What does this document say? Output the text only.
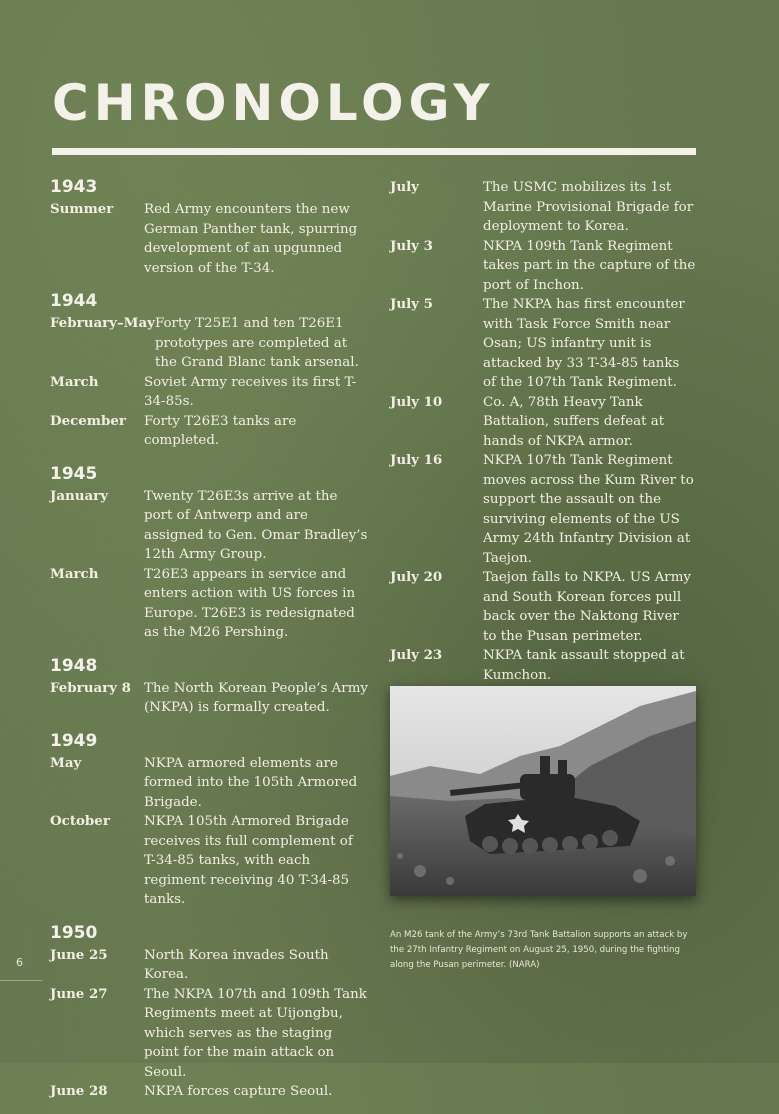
CHRONOLOGY
1943
Summer	Red Army encounters the new German Panther tank, spurring development of an upgunned version of the T-34.
1944
February–May Forty T25E1 and ten T26E1 prototypes are completed at the Grand Blanc tank arsenal.
March	Soviet Army receives its first T-34-85s.
December	Forty T26E3 tanks are completed.
1945
January	Twenty T26E3s arrive at the port of Antwerp and are assigned to Gen. Omar Bradley’s 12th Army Group.
March	T26E3 appears in service and enters action with US forces in Europe. T26E3 is redesignated as the M26 Pershing.
1948
February 8 The North Korean People’s Army (NKPA) is formally created.
1949
May	NKPA armored elements are formed into the 105th Armored Brigade.
October	NKPA 105th Armored Brigade receives its full complement of T-34-85 tanks, with each regiment receiving 40 T-34-85 tanks.
1950
June 25	North Korea invades South Korea.
June 27	The NKPA 107th and 109th Tank Regiments meet at Uijongbu, which serves as the staging point for the main attack on Seoul.
June 28	NKPA forces capture Seoul.
July	The USMC mobilizes its 1st Marine Provisional Brigade for deployment to Korea.
July 3	NKPA 109th Tank Regiment takes part in the capture of the port of Inchon.
July 5	The NKPA has first encounter with Task Force Smith near Osan; US infantry unit is attacked by 33 T-34-85 tanks of the 107th Tank Regiment.
July 10	Co. A, 78th Heavy Tank Battalion, suffers defeat at hands of NKPA armor.
July 16	NKPA 107th Tank Regiment moves across the Kum River to support the assault on the surviving elements of the US Army 24th Infantry Division at Taejon.
July 20	Taejon falls to NKPA. US Army and South Korean forces pull back over the Naktong River to the Pusan perimeter.
July 23	NKPA tank assault stopped at Kumchon.
An M26 tank of the Army’s 73rd Tank Battalion supports an attack by the 27th Infantry Regiment on August 25, 1950, during the fighting along the Pusan perimeter. (NARA)
6
